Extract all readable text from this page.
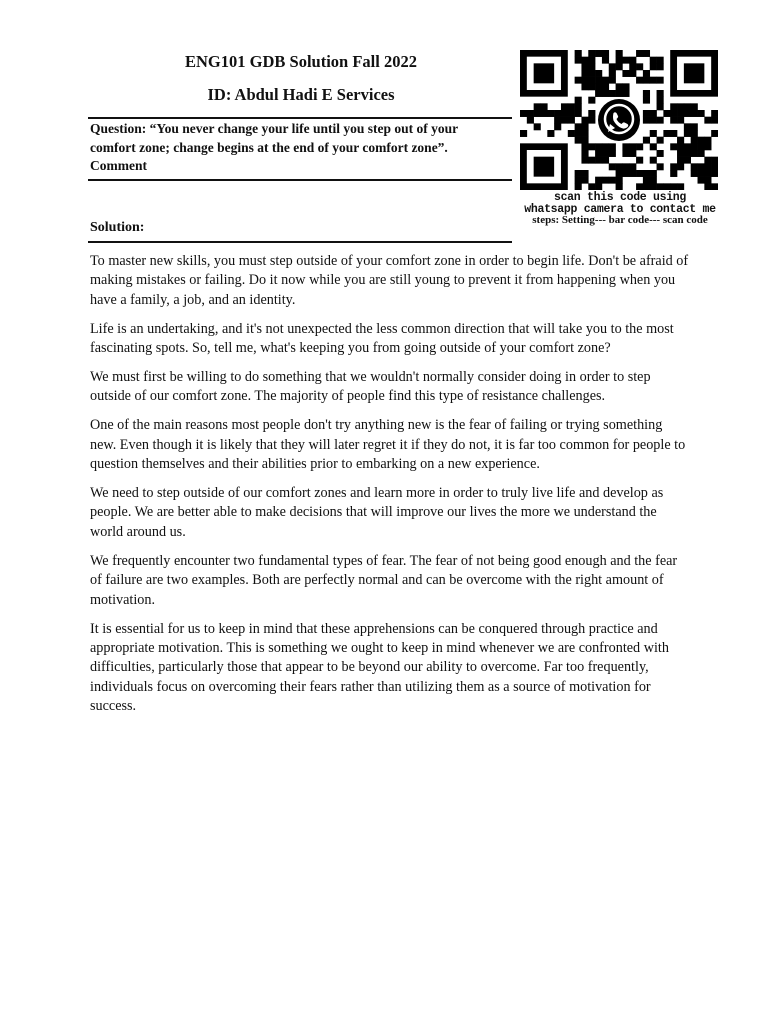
ENG101 GDB Solution Fall 2022
ID: Abdul Hadi E Services

Question: “You never change your life until you step out of your comfort zone; change begins at the end of your comfort zone”. Comment

Solution:

To master new skills, you must step outside of your comfort zone in order to begin life. Don't be afraid of making mistakes or failing. Do it now while you are still young to prevent it from happening when you have a family, a job, and an identity.

Life is an undertaking, and it's not unexpected the less common direction that will take you to the most fascinating spots. So, tell me, what's keeping you from going outside of your comfort zone?

We must first be willing to do something that we wouldn't normally consider doing in order to step outside of our comfort zone. The majority of people find this type of resistance challenges.

One of the main reasons most people don't try anything new is the fear of failing or trying something new. Even though it is likely that they will later regret it if they do not, it is far too common for people to question themselves and their abilities prior to embarking on a new experience.

We need to step outside of our comfort zones and learn more in order to truly live life and develop as people. We are better able to make decisions that will improve our lives the more we understand the world around us.

We frequently encounter two fundamental types of fear. The fear of not being good enough and the fear of failure are two examples. Both are perfectly normal and can be overcome with the right amount of motivation.

It is essential for us to keep in mind that these apprehensions can be conquered through practice and appropriate motivation. This is something we ought to keep in mind whenever we are confronted with difficulties, particularly those that appear to be beyond our ability to overcome. Far too frequently, individuals focus on overcoming their fears rather than utilizing them as a source of motivation for success.

scan this code using
whatsapp camera to contact me
steps: Setting--- bar code--- scan code
